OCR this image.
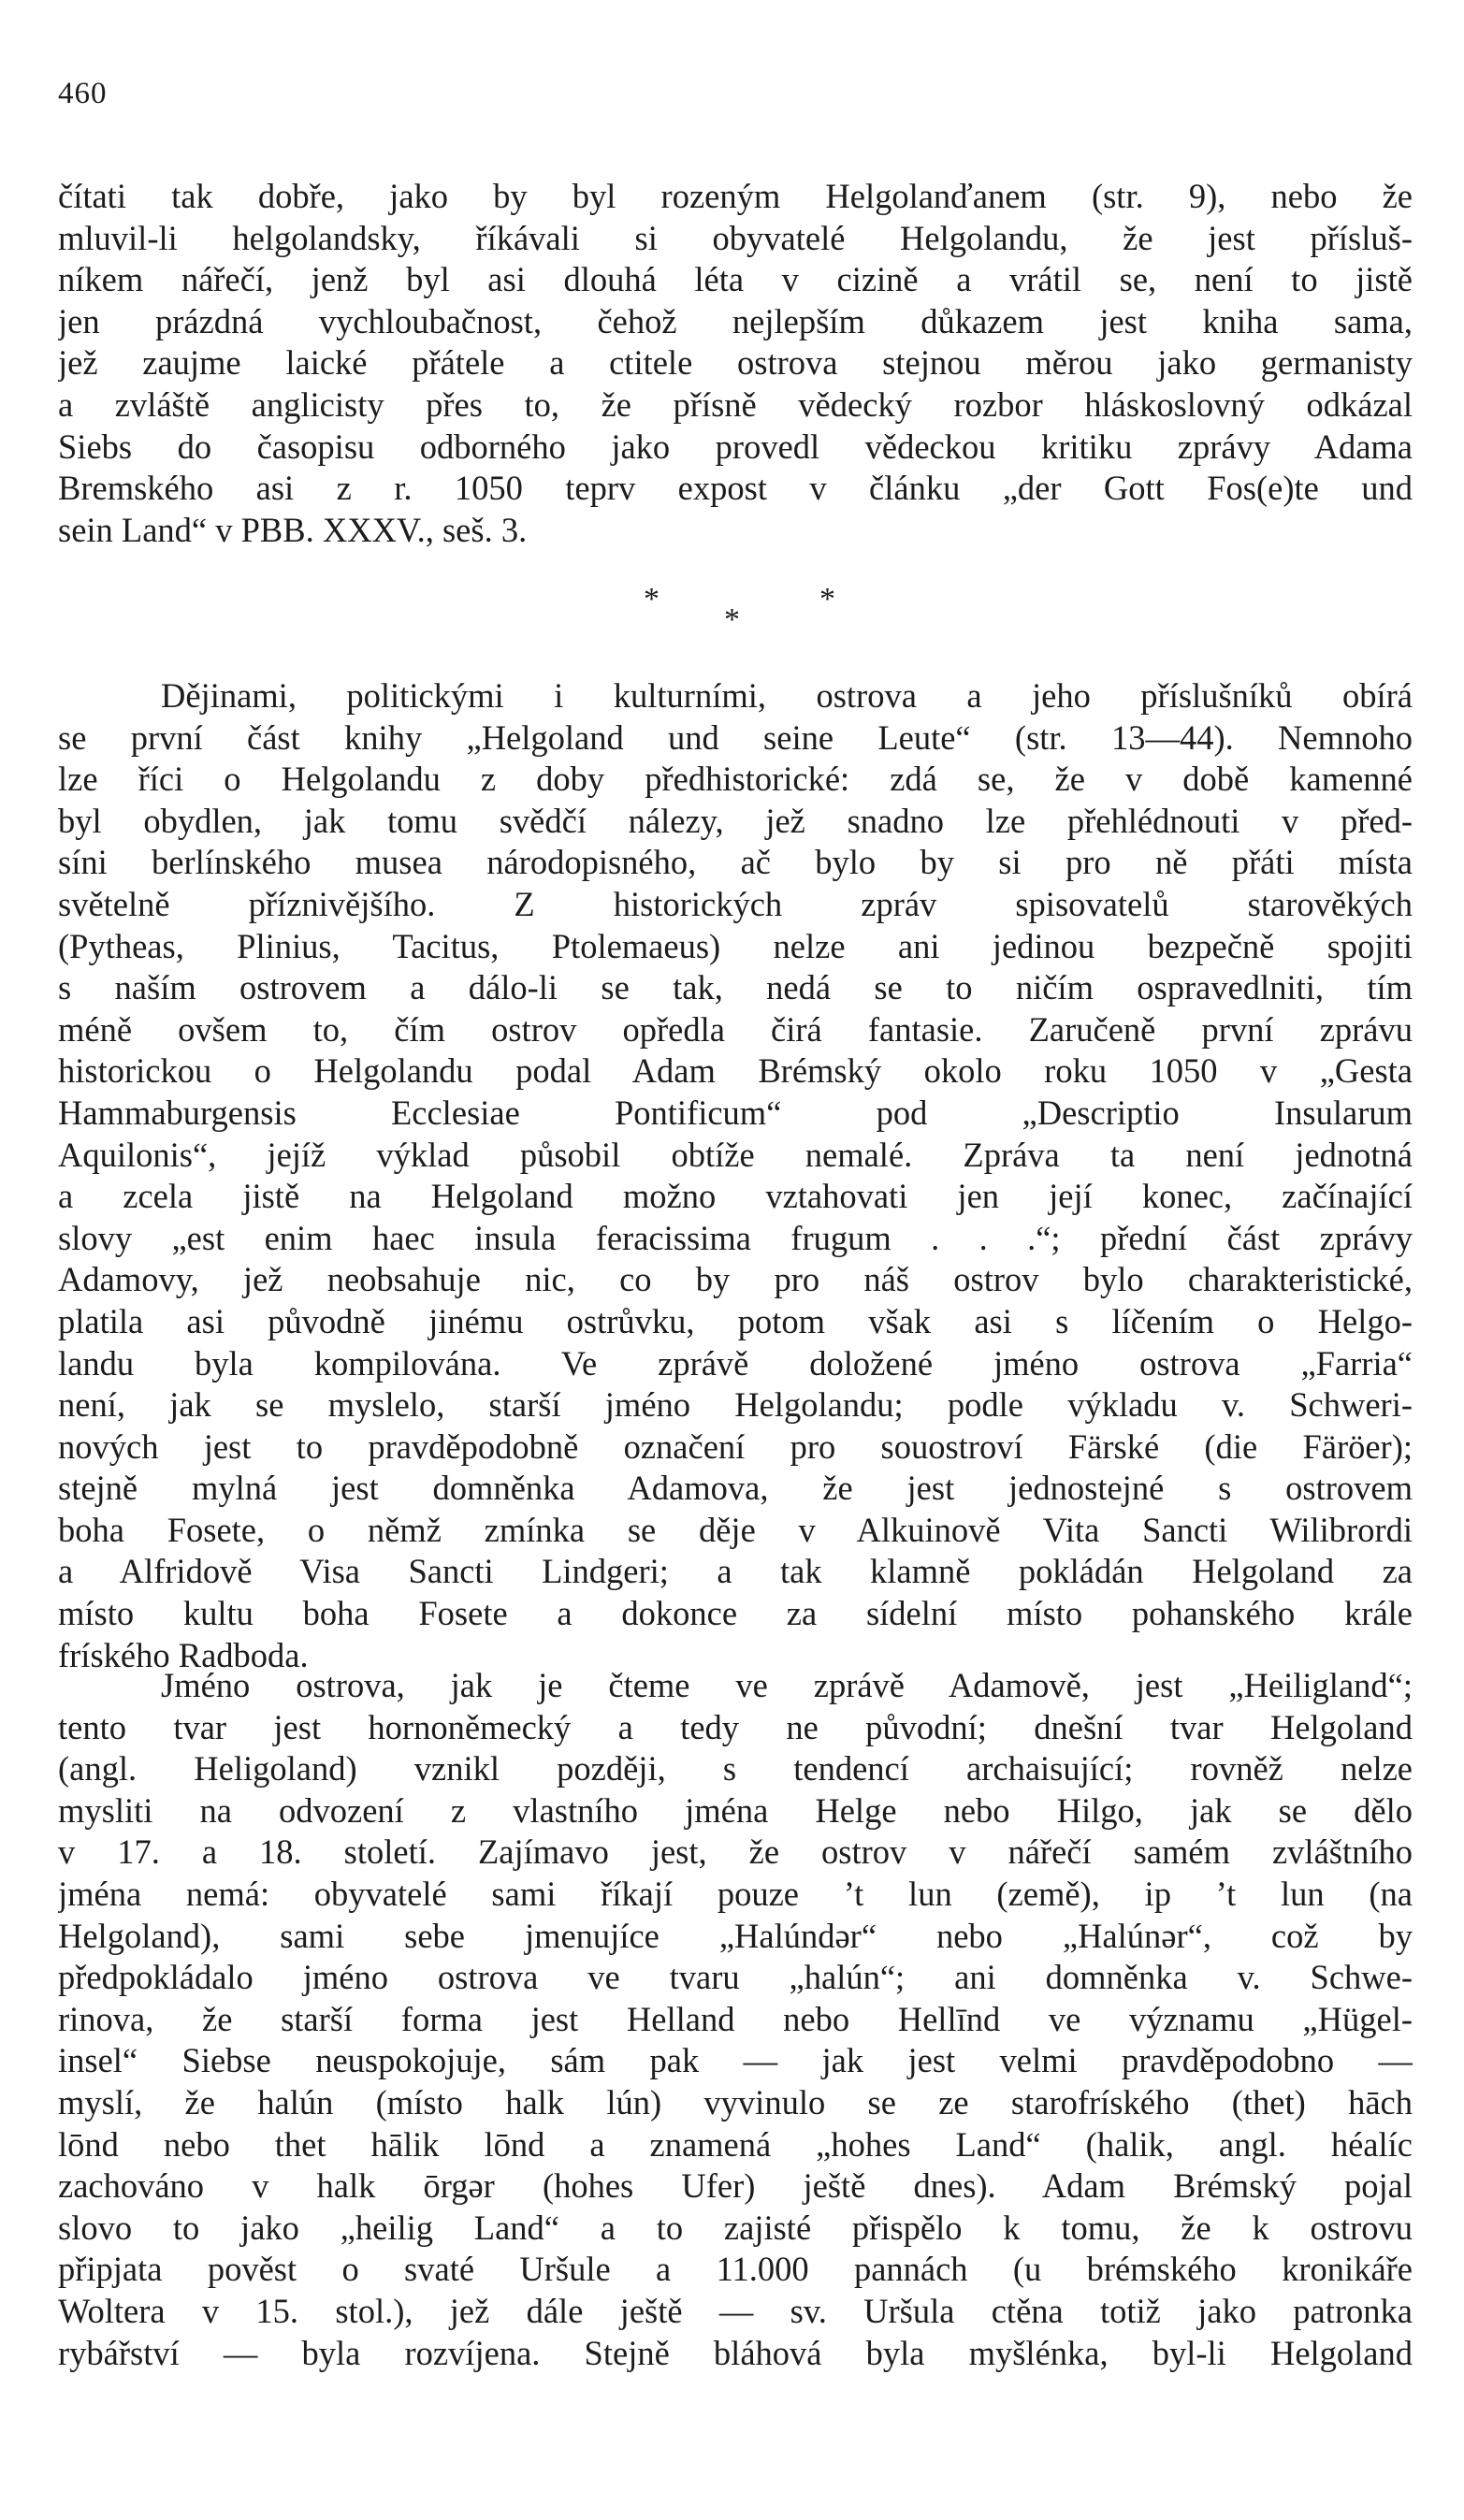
460
čítati tak dobře, jako by byl rozeným Helgolanďanem (str. 9), nebo že
mluvil-li helgolandsky, říkávali si obyvatelé Helgolandu, že jest přísluš-
níkem nářečí, jenž byl asi dlouhá léta v cizině a vrátil se, není to jistě
jen prázdná vychloubačnost, čehož nejlepším důkazem jest kniha sama,
jež zaujme laické přátele a ctitele ostrova stejnou měrou jako germanisty
a zvláště anglicisty přes to, že přísně vědecký rozbor hláskoslovný odkázal
Siebs do časopisu odborného jako provedl vědeckou kritiku zprávy Adama
Bremského asi z r. 1050 teprv expost v článku „der Gott Fos(e)te und
sein Land“ v PBB. XXXV., seš. 3.
*
*
*
Dějinami, politickými i kulturními, ostrova a jeho příslušníků obírá
se první část knihy „Helgoland und seine Leute“ (str. 13—44). Nemnoho
lze říci o Helgolandu z doby předhistorické: zdá se, že v době kamenné
byl obydlen, jak tomu svědčí nálezy, jež snadno lze přehlédnouti v před-
síni berlínského musea národopisného, ač bylo by si pro ně přáti místa
světelně příznivějšího. Z historických zpráv spisovatelů starověkých
(Pytheas, Plinius, Tacitus, Ptolemaeus) nelze ani jedinou bezpečně spojiti
s naším ostrovem a dálo-li se tak, nedá se to ničím ospravedlniti, tím
méně ovšem to, čím ostrov opředla čirá fantasie. Zaručeně první zprávu
historickou o Helgolandu podal Adam Brémský okolo roku 1050 v „Gesta
Hammaburgensis Ecclesiae Pontificum“ pod „Descriptio Insularum
Aquilonis“, jejíž výklad působil obtíže nemalé. Zpráva ta není jednotná
a zcela jistě na Helgoland možno vztahovati jen její konec, začínající
slovy „est enim haec insula feracissima frugum . . .“; přední část zprávy
Adamovy, jež neobsahuje nic, co by pro náš ostrov bylo charakteristické,
platila asi původně jinému ostrůvku, potom však asi s líčením o Helgo-
landu byla kompilována. Ve zprávě doložené jméno ostrova „Farria“
není, jak se myslelo, starší jméno Helgolandu; podle výkladu v. Schweri-
nových jest to pravděpodobně označení pro souostroví Färské (die Färöer);
stejně mylná jest domněnka Adamova, že jest jednostejné s ostrovem
boha Fosete, o němž zmínka se děje v Alkuinově Vita Sancti Wilibrordi
a Alfridově Visa Sancti Lindgeri; a tak klamně pokládán Helgoland za
místo kultu boha Fosete a dokonce za sídelní místo pohanského krále
fríského Radboda.
Jméno ostrova, jak je čteme ve zprávě Adamově, jest „Heiligland“;
tento tvar jest hornoněmecký a tedy ne původní; dnešní tvar Helgoland
(angl. Heligoland) vznikl později, s tendencí archaisující; rovněž nelze
mysliti na odvození z vlastního jména Helge nebo Hilgo, jak se dělo
v 17. a 18. století. Zajímavo jest, že ostrov v nářečí samém zvláštního
jména nemá: obyvatelé sami říkají pouze ’t lun (země), ip ’t lun (na
Helgoland), sami sebe jmenujíce „Halúndər“ nebo „Halúnər“, což by
předpokládalo jméno ostrova ve tvaru „halún“; ani domněnka v. Schwe-
rinova, že starší forma jest Helland nebo Hellīnd ve významu „Hügel-
insel“ Siebse neuspokojuje, sám pak — jak jest velmi pravděpodobno —
myslí, že halún (místo halk lún) vyvinulo se ze starofríského (thet) hāch
lōnd nebo thet hālik lōnd a znamená „hohes Land“ (halik, angl. héalíc
zachováno v halk ōrgər (hohes Ufer) ještě dnes). Adam Brémský pojal
slovo to jako „heilig Land“ a to zajisté přispělo k tomu, že k ostrovu
připjata pověst o svaté Uršule a 11.000 pannách (u brémského kronikáře
Woltera v 15. stol.), jež dále ještě — sv. Uršula ctěna totiž jako patronka
rybářství — byla rozvíjena. Stejně bláhová byla myšlénka, byl-li Helgoland
